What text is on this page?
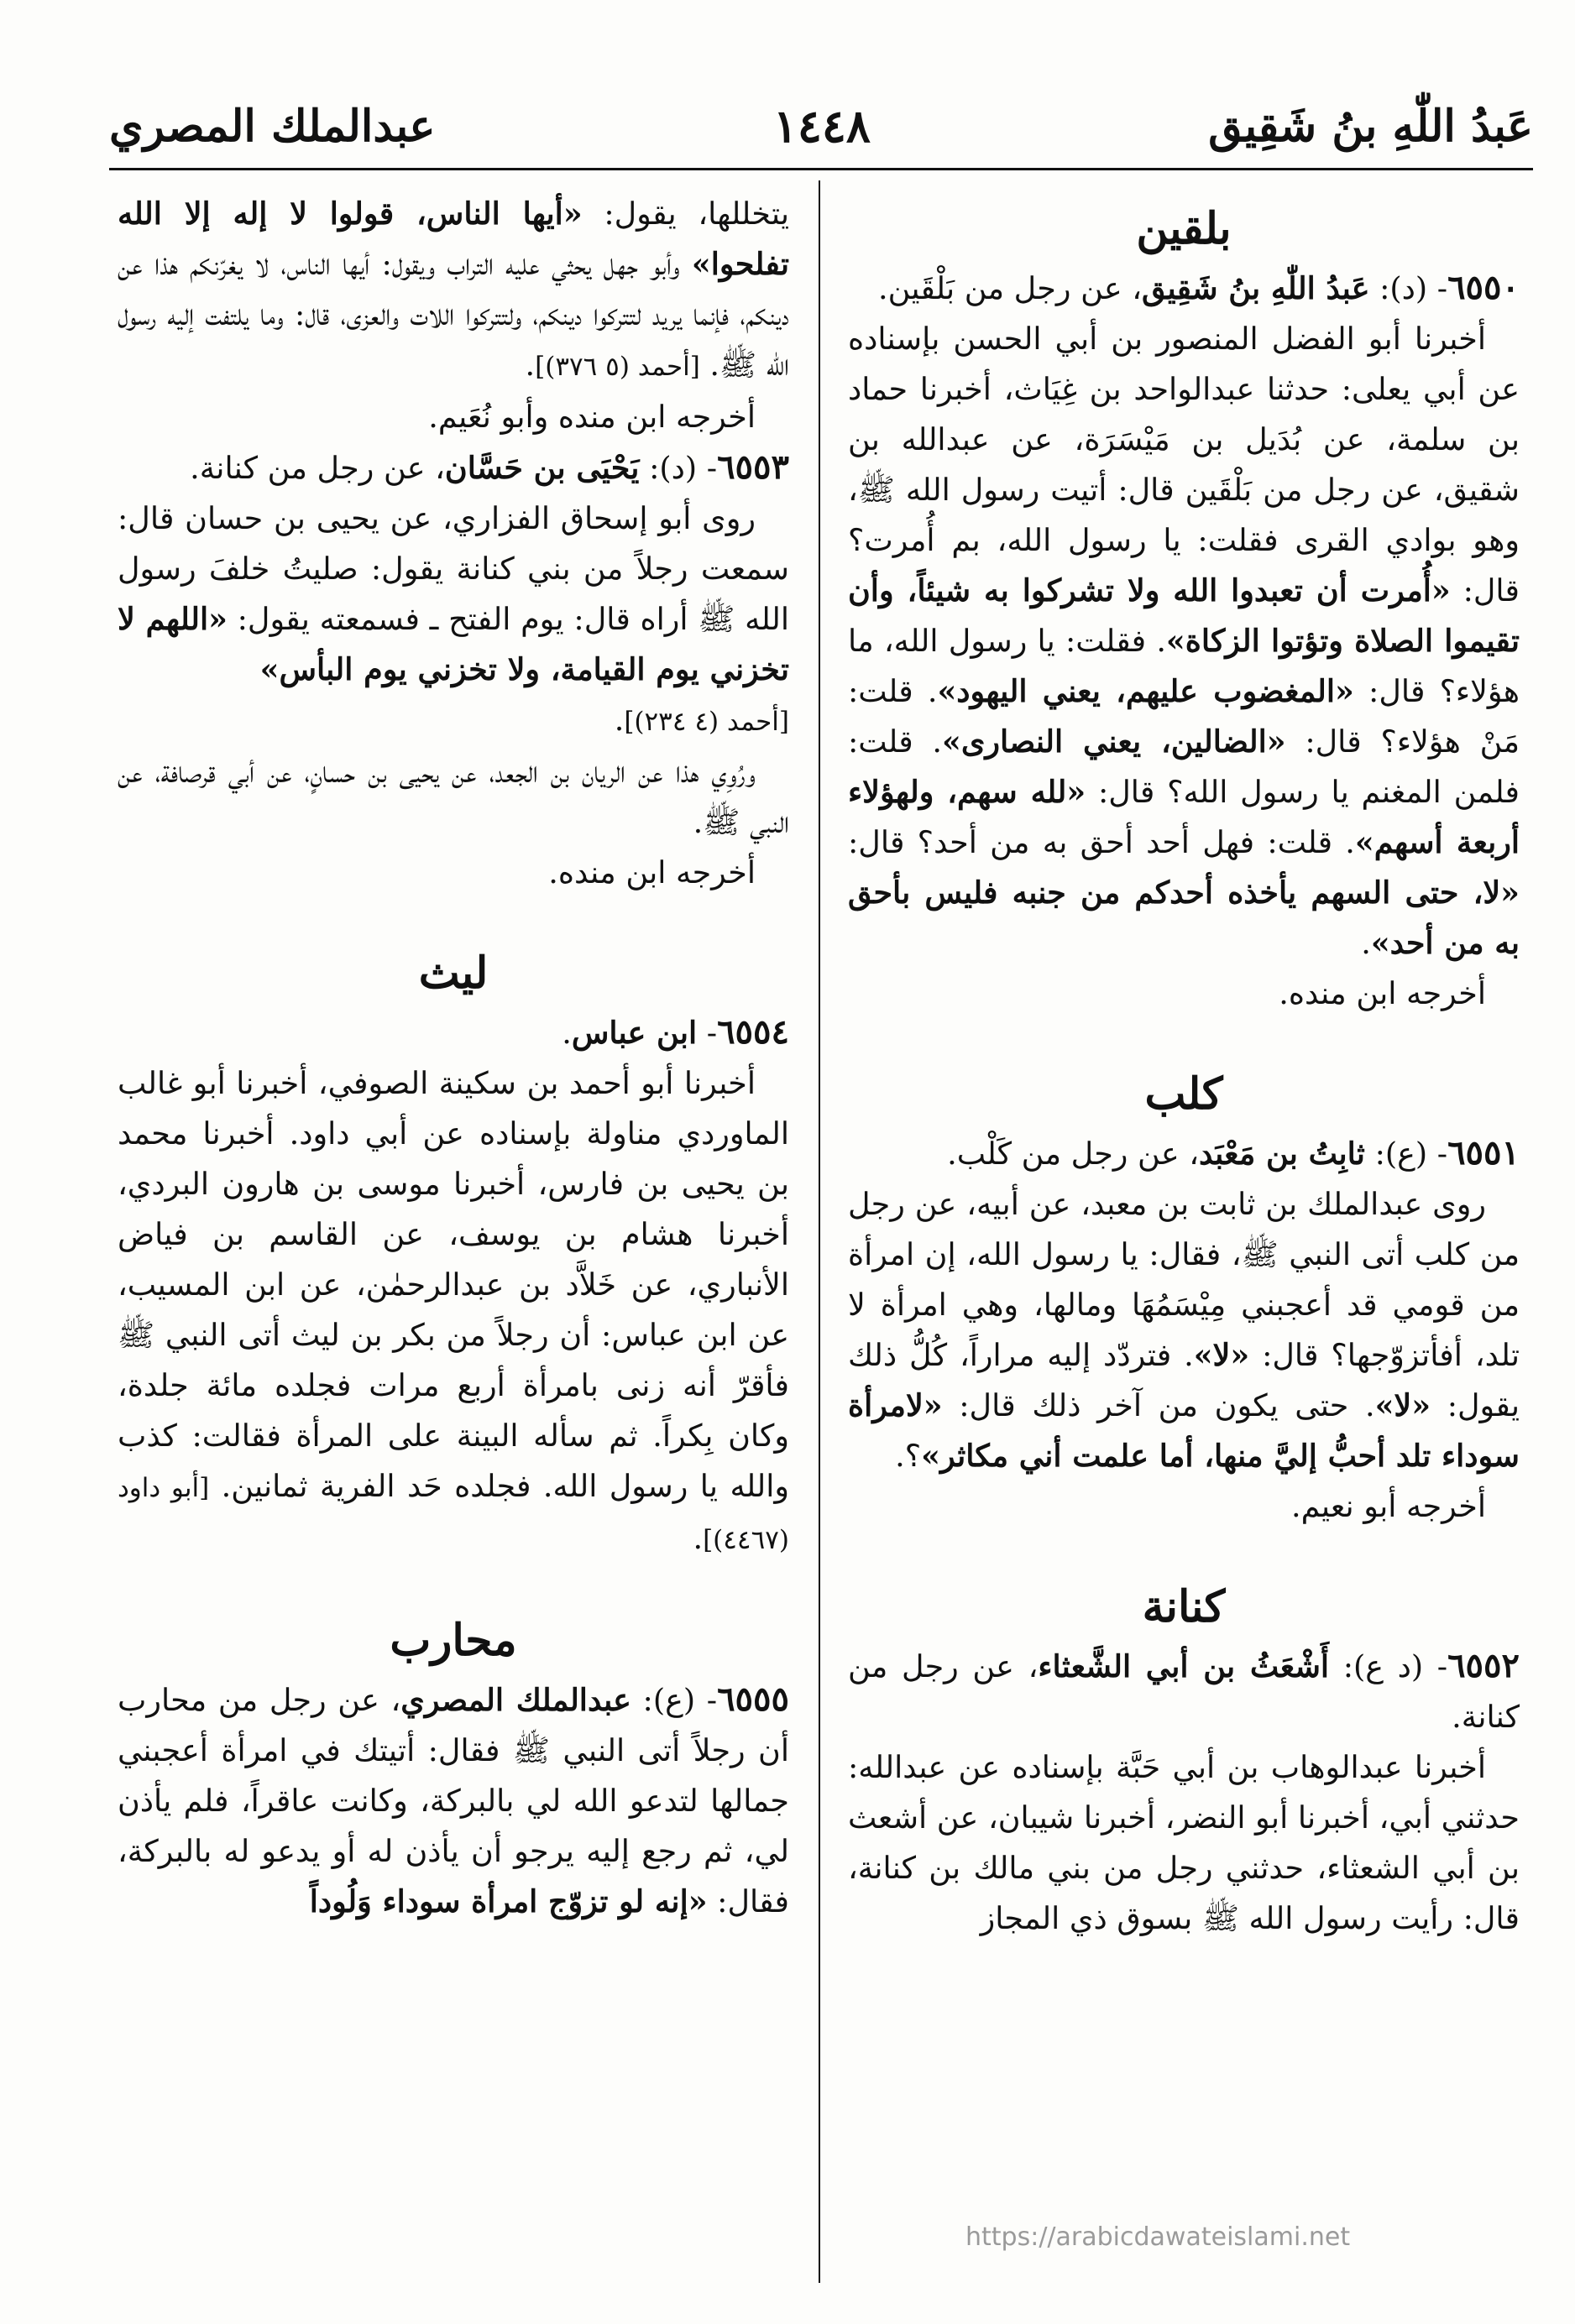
عَبدُ اللّٰهِ بنُ شَقِيق
١٤٤٨
عبدالملك المصري
بلقين

٦٥٥٠- (د): عَبدُ اللّٰهِ بنُ شَقِيق، عن رجل من بَلْقَين.

أخبرنا أبو الفضل المنصور بن أبي الحسن بإسناده عن أبي يعلى: حدثنا عبدالواحد بن غِيَاث، أخبرنا حماد بن سلمة، عن بُدَيل بن مَيْسَرَة، عن عبدالله بن شقيق، عن رجل من بَلْقَين قال: أتيت رسول الله ﷺ، وهو بوادي القرى فقلت: يا رسول الله، بم أُمرت؟ قال: «أُمرت أن تعبدوا الله ولا تشركوا به شيئاً، وأن تقيموا الصلاة وتؤتوا الزكاة». فقلت: يا رسول الله، ما هؤلاء؟ قال: «المغضوب عليهم، يعني اليهود». قلت: مَنْ هؤلاء؟ قال: «الضالين، يعني النصارى». قلت: فلمن المغنم يا رسول الله؟ قال: «لله سهم، ولهؤلاء أربعة أسهم». قلت: فهل أحد أحق به من أحد؟ قال: «لا، حتى السهم يأخذه أحدكم من جنبه فليس بأحق به من أحد».

أخرجه ابن منده.

كلب

٦٥٥١- (ع): ثابِتُ بن مَعْبَد، عن رجل من كَلْب.

روى عبدالملك بن ثابت بن معبد، عن أبيه، عن رجل من كلب أتى النبي ﷺ، فقال: يا رسول الله، إن امرأة من قومي قد أعجبني مِيْسَمُهَا ومالها، وهي امرأة لا تلد، أفأتزوّجها؟ قال: «لا». فتردّد إليه مراراً، كُلُّ ذلك يقول: «لا». حتى يكون من آخر ذلك قال: «لامرأة سوداء تلد أحبُّ إليَّ منها، أما علمت أني مكاثر»؟.

أخرجه أبو نعيم.

كنانة

٦٥٥٢- (د ع): أَشْعَثُ بن أبي الشَّعثاء، عن رجل من كنانة.

أخبرنا عبدالوهاب بن أبي حَبَّة بإسناده عن عبدالله: حدثني أبي، أخبرنا أبو النضر، أخبرنا شيبان، عن أشعث بن أبي الشعثاء، حدثني رجل من بني مالك بن كنانة، قال: رأيت رسول الله ﷺ بسوق ذي المجاز

يتخللها، يقول: «أيها الناس، قولوا لا إله إلا الله تفلحوا» وأبو جهل يحثي عليه التراب ويقول: أيها الناس، لا يغرّنكم هذا عن دينكم، فإنما يريد لتتركوا دينكم، ولتتركوا اللات والعزى، قال: وما يلتفت إليه رسول الله ﷺ. [أحمد (٥ ٣٧٦)].

أخرجه ابن منده وأبو نُعَيم.

٦٥٥٣- (د): يَحْيَى بن حَسَّان، عن رجل من كنانة.

روى أبو إسحاق الفزاري، عن يحيى بن حسان قال: سمعت رجلاً من بني كنانة يقول: صليتُ خلفَ رسول الله ﷺ أراه قال: يوم الفتح ـ فسمعته يقول: «اللهم لا تخزني يوم القيامة، ولا تخزني يوم البأس»
[أحمد (٤ ٢٣٤)].

ورُوِي هذا عن الريان بن الجعد، عن يحيى بن حسانٍ، عن أبي قرصافة، عن النبي ﷺ.

أخرجه ابن منده.

ليث

٦٥٥٤- ابن عباس.

أخبرنا أبو أحمد بن سكينة الصوفي، أخبرنا أبو غالب الماوردي مناولة بإسناده عن أبي داود. أخبرنا محمد بن يحيى بن فارس، أخبرنا موسى بن هارون البردي، أخبرنا هشام بن يوسف، عن القاسم بن فياض الأنباري، عن خَلاَّد بن عبدالرحمٰن، عن ابن المسيب، عن ابن عباس: أن رجلاً من بكر بن ليث أتى النبي ﷺ فأقرّ أنه زنى بامرأة أربع مرات فجلده مائة جلدة، وكان بِكراً. ثم سأله البينة على المرأة فقالت: كذب والله يا رسول الله. فجلده حَد الفرية ثمانين. [أبو داود (٤٤٦٧)].

محارب

٦٥٥٥- (ع): عبدالملك المصري، عن رجل من محارب أن رجلاً أتى النبي ﷺ فقال: أتيتك في امرأة أعجبني جمالها لتدعو الله لي بالبركة، وكانت عاقراً، فلم يأذن لي، ثم رجع إليه يرجو أن يأذن له أو يدعو له بالبركة، فقال: «إنه لو تزوّج امرأة سوداء وَلُوداً

https://arabicdawateislami.net
